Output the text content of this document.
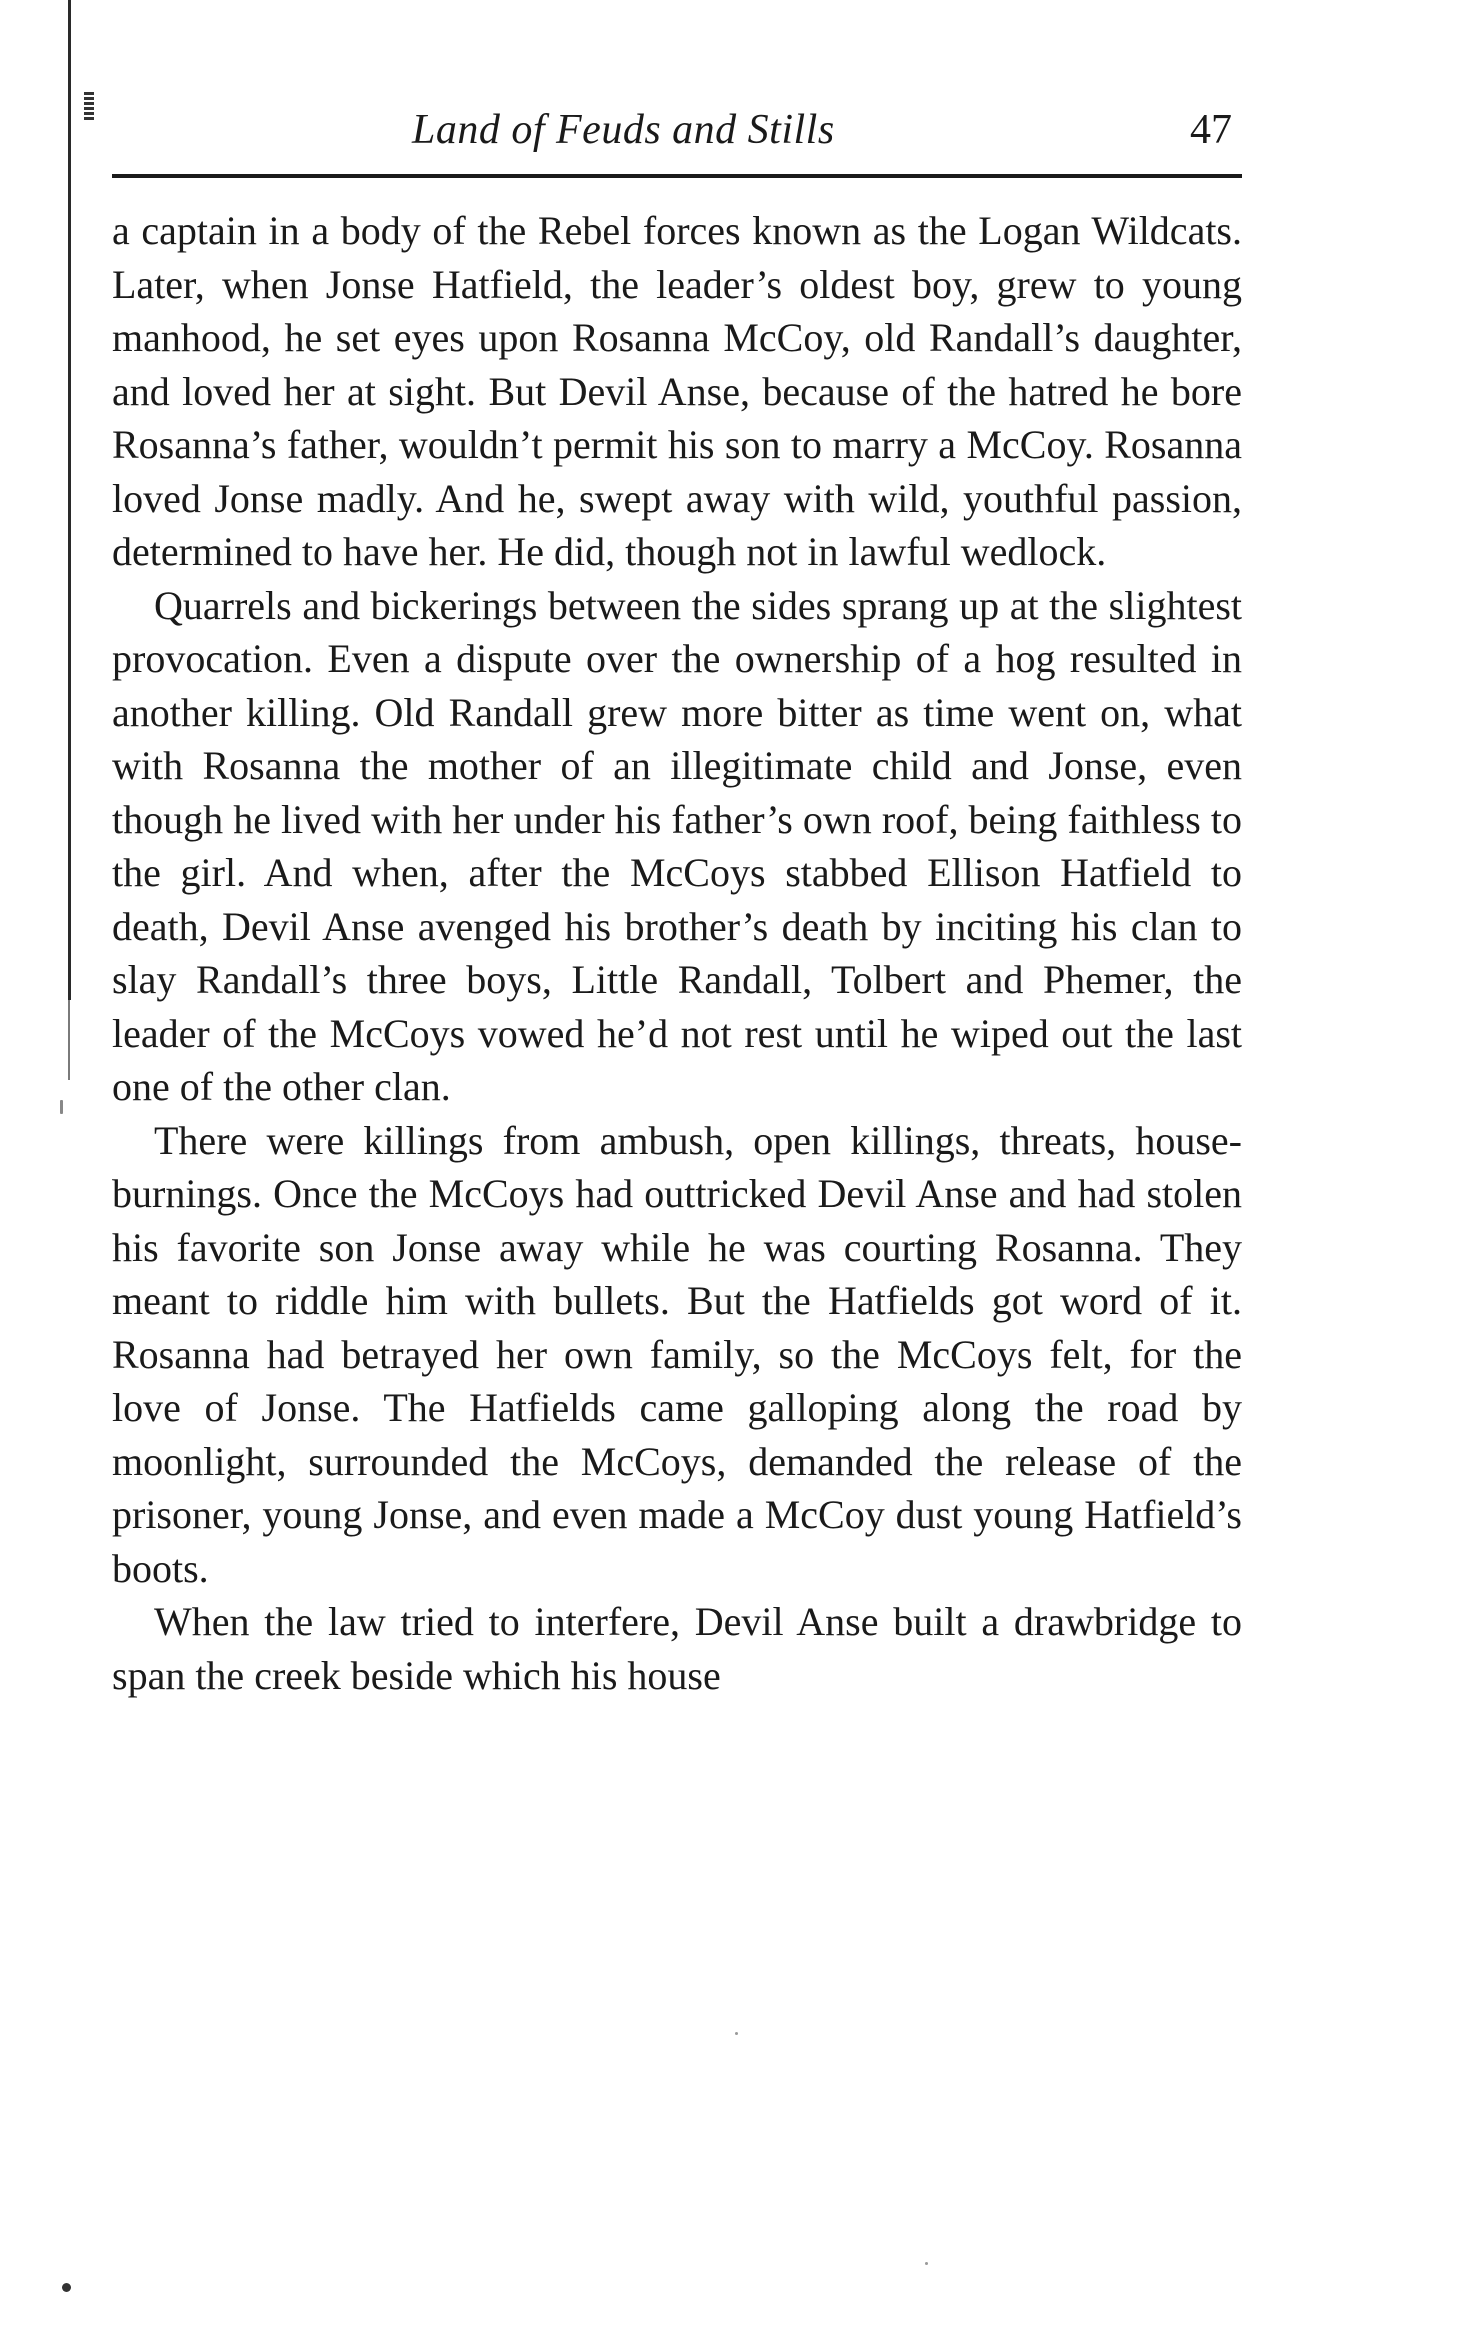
Land of Feuds and Stills	47

a captain in a body of the Rebel forces known as the Logan Wildcats. Later, when Jonse Hatfield, the leader’s oldest boy, grew to young manhood, he set eyes upon Rosanna McCoy, old Randall’s daughter, and loved her at sight. But Devil Anse, because of the hatred he bore Rosanna’s father, wouldn’t permit his son to marry a McCoy. Rosanna loved Jonse madly. And he, swept away with wild, youthful passion, determined to have her. He did, though not in lawful wedlock.

Quarrels and bickerings between the sides sprang up at the slightest provocation. Even a dispute over the ownership of a hog resulted in another killing. Old Randall grew more bitter as time went on, what with Rosanna the mother of an illegitimate child and Jonse, even though he lived with her under his father’s own roof, being faithless to the girl. And when, after the McCoys stabbed Ellison Hatfield to death, Devil Anse avenged his brother’s death by inciting his clan to slay Randall’s three boys, Little Randall, Tolbert and Phemer, the leader of the McCoys vowed he’d not rest until he wiped out the last one of the other clan.

There were killings from ambush, open killings, threats, house-burnings. Once the McCoys had outtricked Devil Anse and had stolen his favorite son Jonse away while he was courting Rosanna. They meant to riddle him with bullets. But the Hatfields got word of it. Rosanna had betrayed her own family, so the McCoys felt, for the love of Jonse. The Hatfields came galloping along the road by moonlight, surrounded the McCoys, demanded the release of the prisoner, young Jonse, and even made a McCoy dust young Hatfield’s boots.

When the law tried to interfere, Devil Anse built a drawbridge to span the creek beside which his house
